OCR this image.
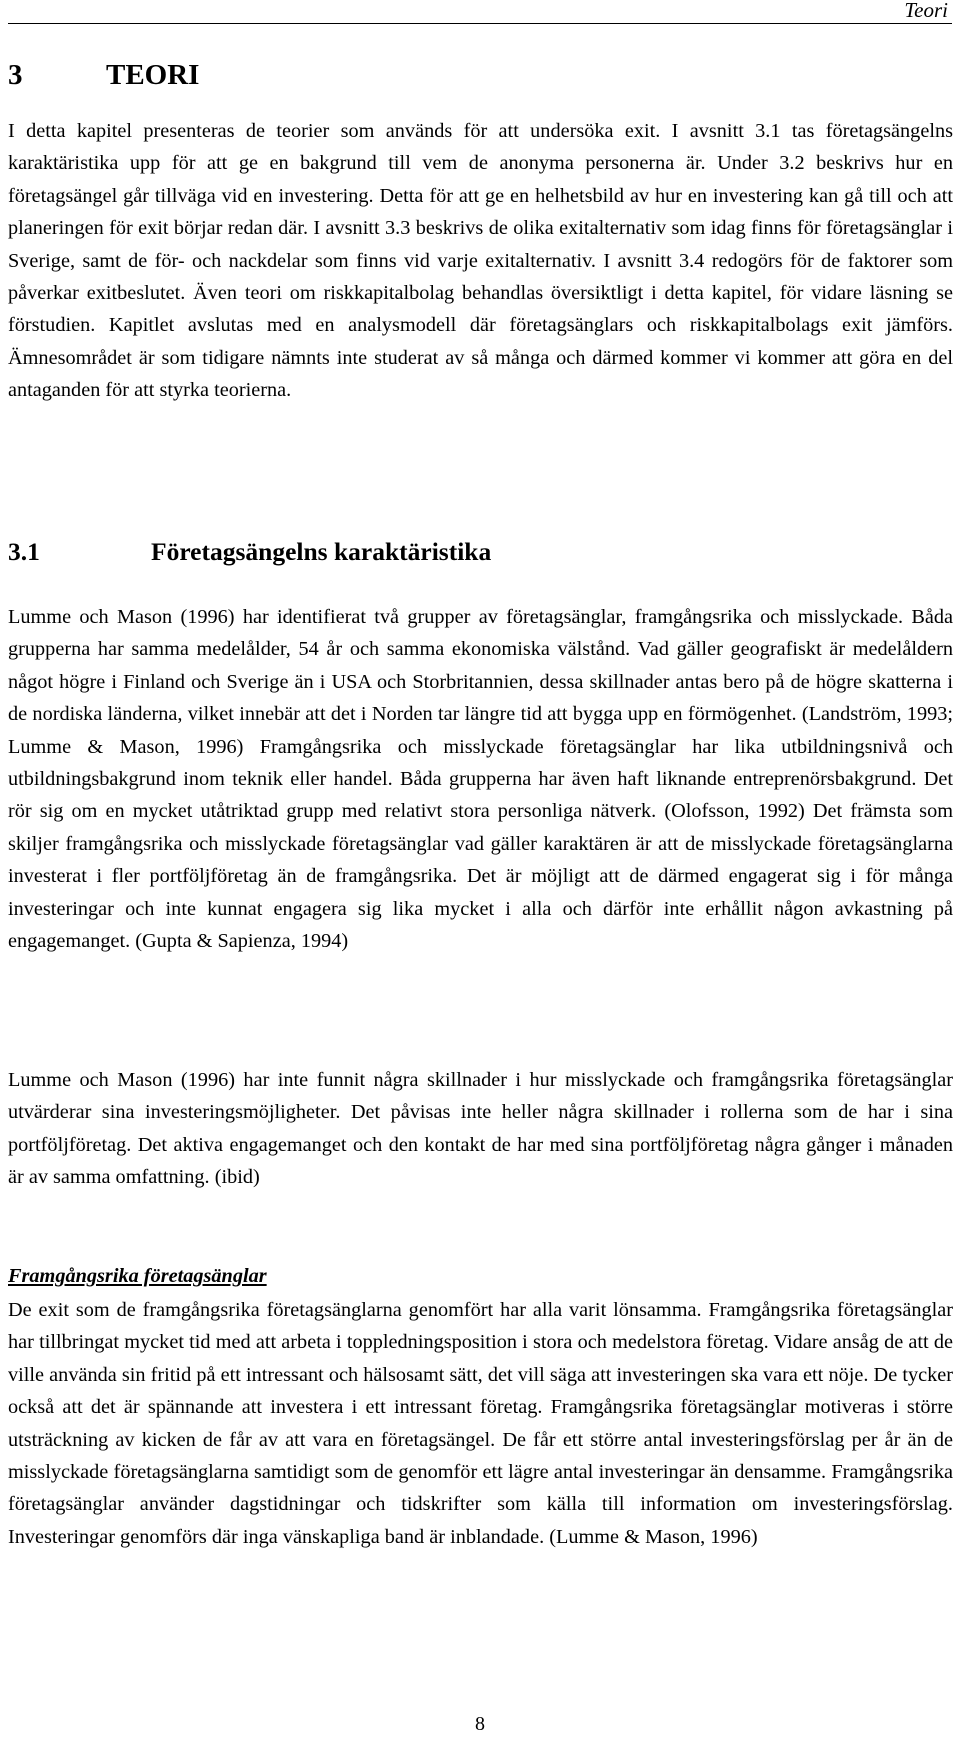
Teori
3	TEORI

I detta kapitel presenteras de teorier som används för att undersöka exit. I avsnitt 3.1 tas företagsängelns karaktäristika upp för att ge en bakgrund till vem de anonyma personerna är. Under 3.2 beskrivs hur en företagsängel går tillväga vid en investering. Detta för att ge en helhetsbild av hur en investering kan gå till och att planeringen för exit börjar redan där. I avsnitt 3.3 beskrivs de olika exitalternativ som idag finns för företagsänglar i Sverige, samt de för- och nackdelar som finns vid varje exitalternativ. I avsnitt 3.4 redogörs för de faktorer som påverkar exitbeslutet. Även teori om riskkapitalbolag behandlas översiktligt i detta kapitel, för vidare läsning se förstudien. Kapitlet avslutas med en analysmodell där företagsänglars och riskkapitalbolags exit jämförs. Ämnesområdet är som tidigare nämnts inte studerat av så många och därmed kommer vi kommer att göra en del antaganden för att styrka teorierna.

3.1	Företagsängelns karaktäristika

Lumme och Mason (1996) har identifierat två grupper av företagsänglar, framgångsrika och misslyckade. Båda grupperna har samma medelålder, 54 år och samma ekonomiska välstånd. Vad gäller geografiskt är medelåldern något högre i Finland och Sverige än i USA och Storbritannien, dessa skillnader antas bero på de högre skatterna i de nordiska länderna, vilket innebär att det i Norden tar längre tid att bygga upp en förmögenhet. (Landström, 1993; Lumme & Mason, 1996) Framgångsrika och misslyckade företagsänglar har lika utbildningsnivå och utbildningsbakgrund inom teknik eller handel. Båda grupperna har även haft liknande entreprenörsbakgrund. Det rör sig om en mycket utåtriktad grupp med relativt stora personliga nätverk. (Olofsson, 1992) Det främsta som skiljer framgångsrika och misslyckade företagsänglar vad gäller karaktären är att de misslyckade företagsänglarna investerat i fler portföljföretag än de framgångsrika. Det är möjligt att de därmed engagerat sig i för många investeringar och inte kunnat engagera sig lika mycket i alla och därför inte erhållit någon avkastning på engagemanget. (Gupta & Sapienza, 1994)

Lumme och Mason (1996) har inte funnit några skillnader i hur misslyckade och framgångsrika företagsänglar utvärderar sina investeringsmöjligheter. Det påvisas inte heller några skillnader i rollerna som de har i sina portföljföretag. Det aktiva engagemanget och den kontakt de har med sina portföljföretag några gånger i månaden är av samma omfattning. (ibid)

Framgångsrika företagsänglar

De exit som de framgångsrika företagsänglarna genomfört har alla varit lönsamma. Framgångsrika företagsänglar har tillbringat mycket tid med att arbeta i toppledningsposition i stora och medelstora företag. Vidare ansåg de att de ville använda sin fritid på ett intressant och hälsosamt sätt, det vill säga att investeringen ska vara ett nöje. De tycker också att det är spännande att investera i ett intressant företag. Framgångsrika företagsänglar motiveras i större utsträckning av kicken de får av att vara en företagsängel. De får ett större antal investeringsförslag per år än de misslyckade företagsänglarna samtidigt som de genomför ett lägre antal investeringar än densamme. Framgångsrika företagsänglar använder dagstidningar och tidskrifter som källa till information om investeringsförslag. Investeringar genomförs där inga vänskapliga band är inblandade. (Lumme & Mason, 1996)

8
